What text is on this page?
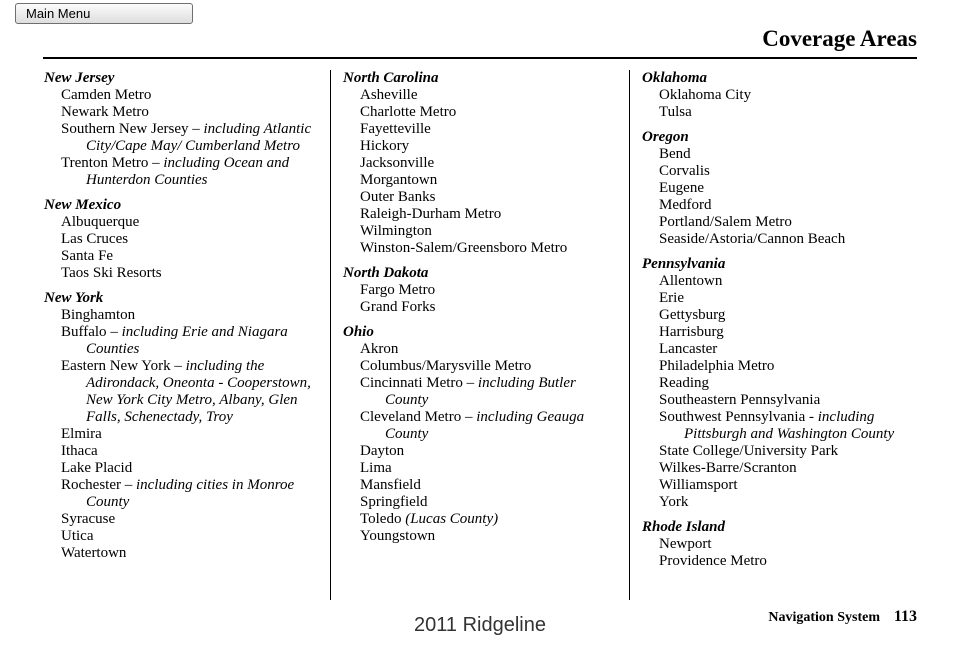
Main Menu
Coverage Areas
New Jersey
Camden Metro
Newark Metro
Southern New Jersey – including Atlantic City/Cape May/ Cumberland Metro
Trenton Metro – including Ocean and Hunterdon Counties
New Mexico
Albuquerque
Las Cruces
Santa Fe
Taos Ski Resorts
New York
Binghamton
Buffalo – including Erie and Niagara Counties
Eastern New York – including the Adirondack, Oneonta - Cooperstown, New York City Metro, Albany, Glen Falls, Schenectady, Troy
Elmira
Ithaca
Lake Placid
Rochester – including cities in Monroe County
Syracuse
Utica
Watertown
North Carolina
Asheville
Charlotte Metro
Fayetteville
Hickory
Jacksonville
Morgantown
Outer Banks
Raleigh-Durham Metro
Wilmington
Winston-Salem/Greensboro Metro
North Dakota
Fargo Metro
Grand Forks
Ohio
Akron
Columbus/Marysville Metro
Cincinnati Metro – including Butler County
Cleveland Metro – including Geauga County
Dayton
Lima
Mansfield
Springfield
Toledo (Lucas County)
Youngstown
Oklahoma
Oklahoma City
Tulsa
Oregon
Bend
Corvalis
Eugene
Medford
Portland/Salem Metro
Seaside/Astoria/Cannon Beach
Pennsylvania
Allentown
Erie
Gettysburg
Harrisburg
Lancaster
Philadelphia Metro
Reading
Southeastern Pennsylvania
Southwest Pennsylvania - including Pittsburgh and Washington County
State College/University Park
Wilkes-Barre/Scranton
Williamsport
York
Rhode Island
Newport
Providence Metro
Navigation System 113
2011 Ridgeline
